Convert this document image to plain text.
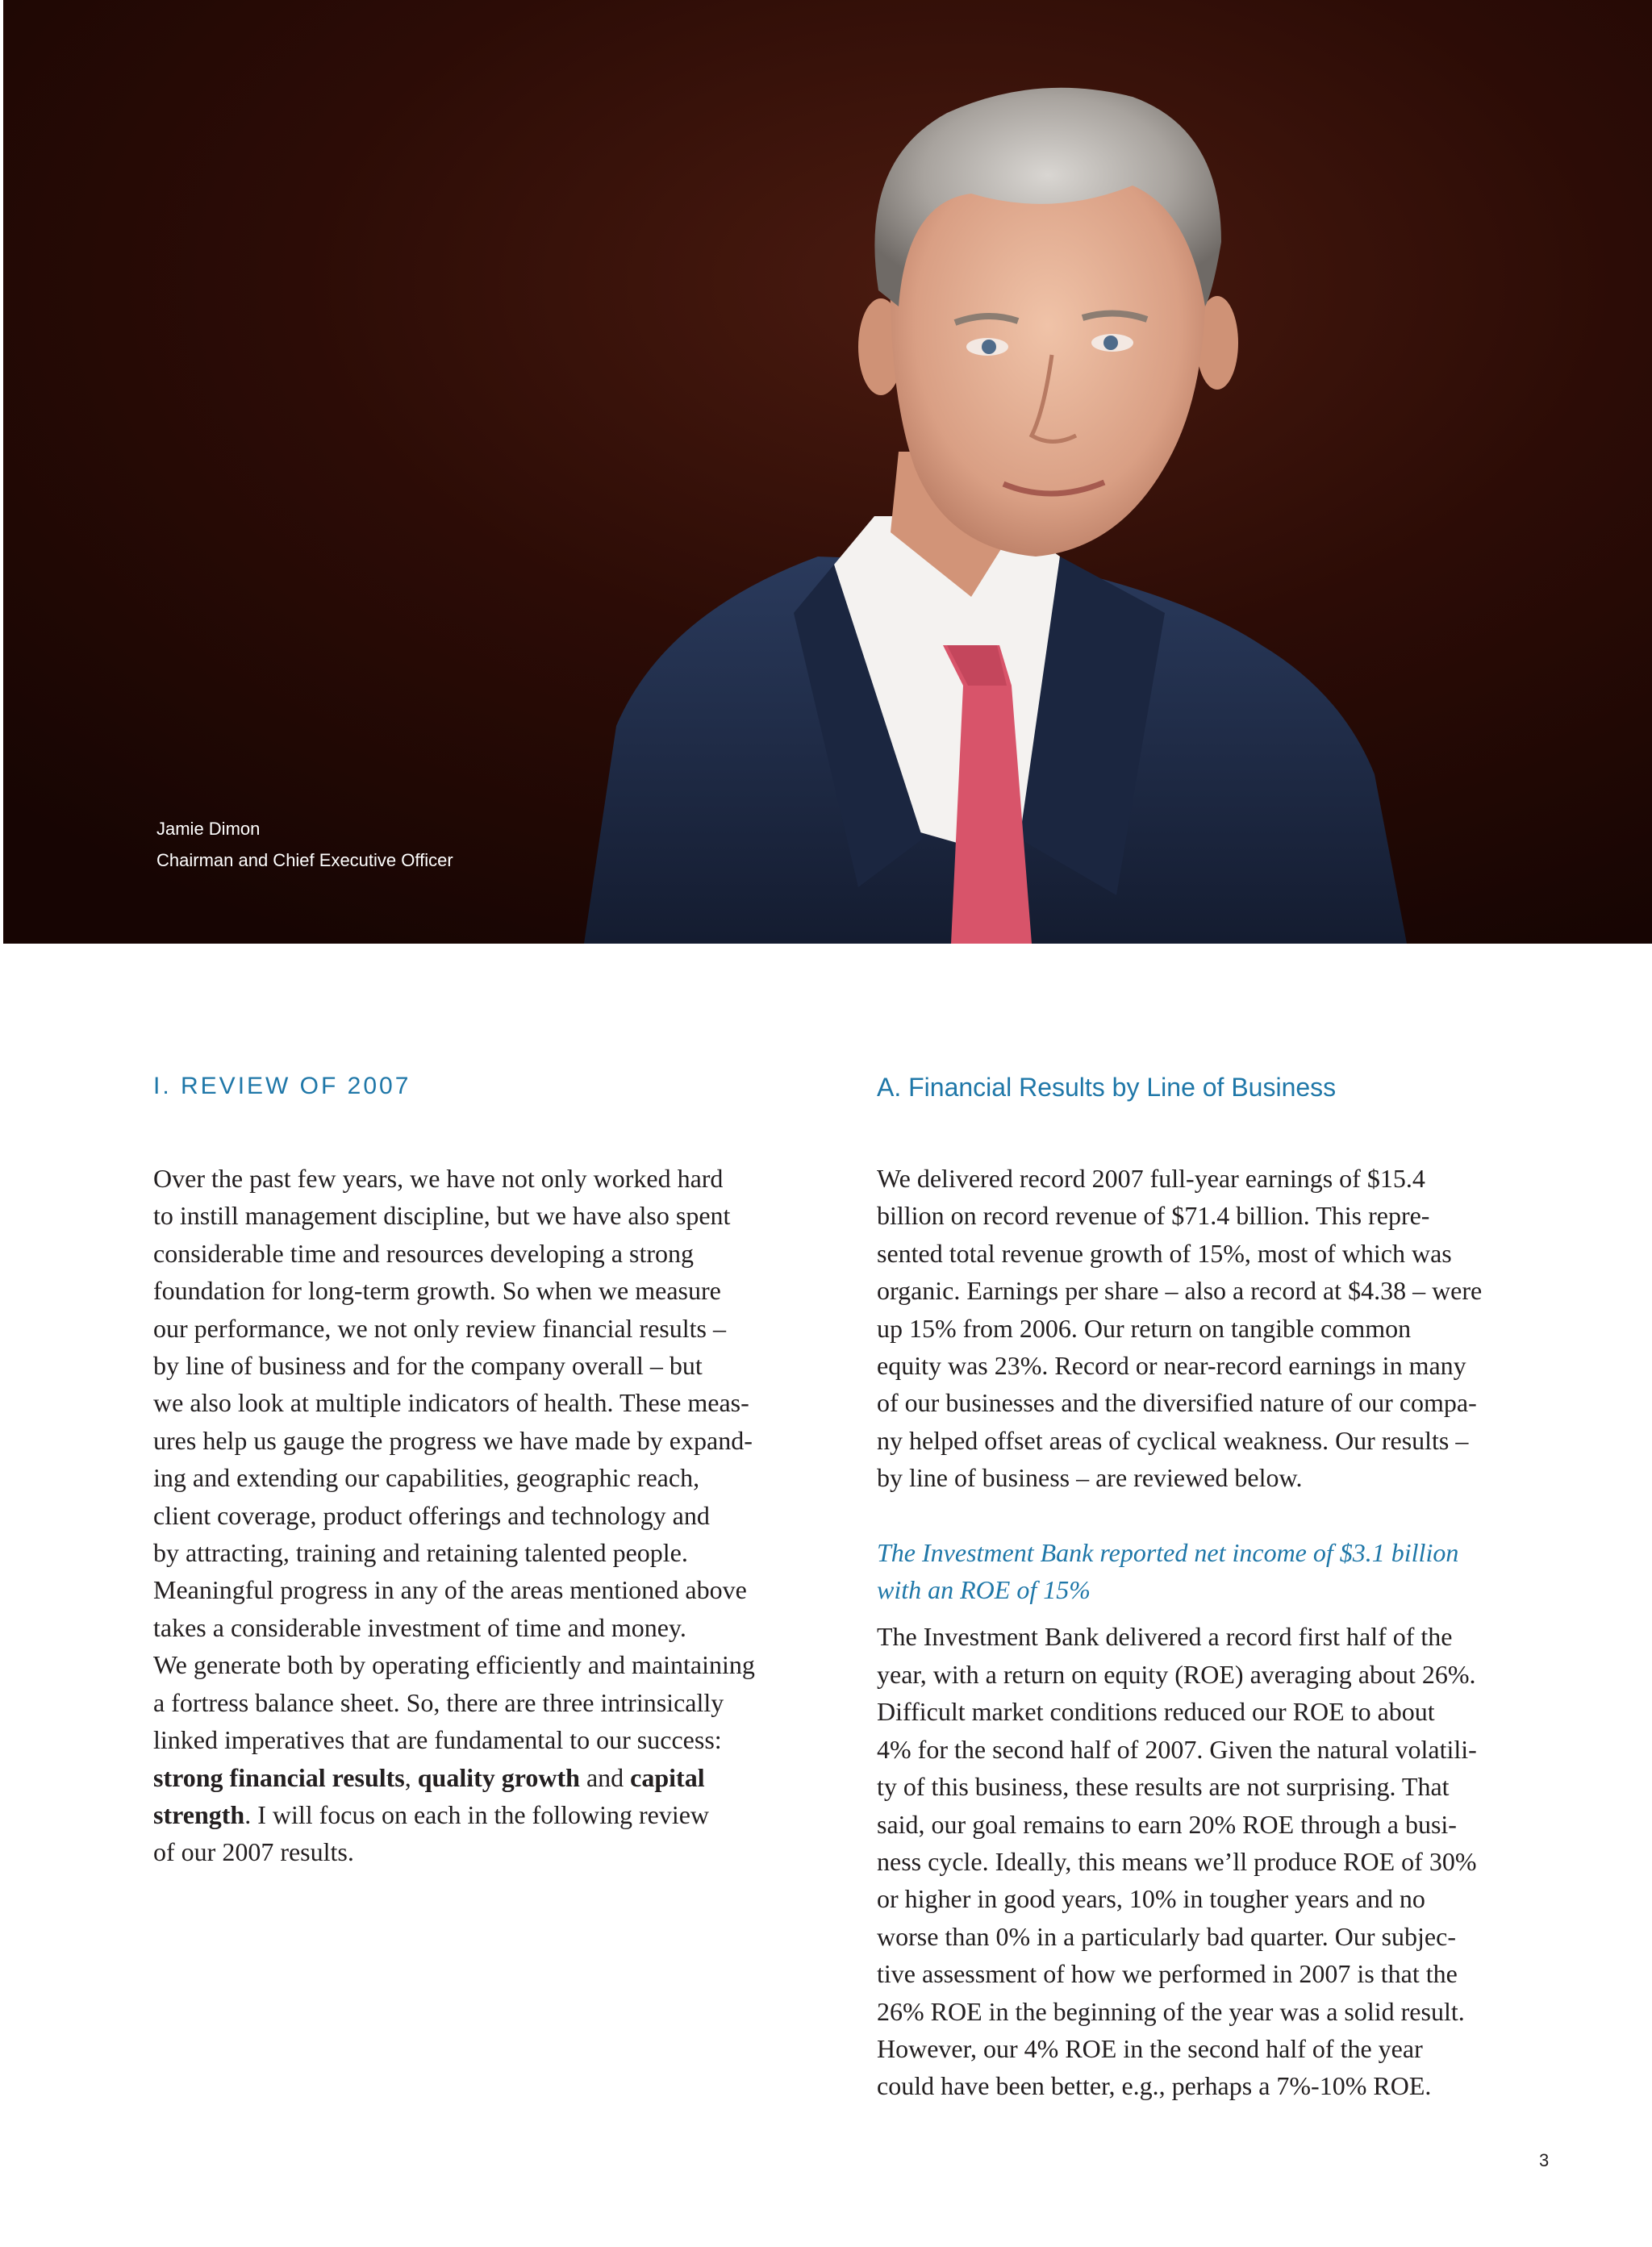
Jamie Dimon
Chairman and Chief Executive Officer
I. REVIEW OF 2007	A. Financial Results by Line of Business
Over the past few years, we have not only worked hard
to instill management discipline, but we have also spent
considerable time and resources developing a strong
foundation for long-term growth. So when we measure
our performance, we not only review financial results –
by line of business and for the company overall – but
we also look at multiple indicators of health. These meas-
ures help us gauge the progress we have made by expand-
ing and extending our capabilities, geographic reach,
client coverage, product offerings and technology and
by attracting, training and retaining talented people.
Meaningful progress in any of the areas mentioned above
takes a considerable investment of time and money.
We generate both by operating efficiently and maintaining
a fortress balance sheet. So, there are three intrinsically
linked imperatives that are fundamental to our success:
strong financial results, quality growth and capital
strength. I will focus on each in the following review
of our 2007 results.
We delivered record 2007 full-year earnings of $15.4
billion on record revenue of $71.4 billion. This repre-
sented total revenue growth of 15%, most of which was
organic. Earnings per share – also a record at $4.38 – were
up 15% from 2006. Our return on tangible common
equity was 23%. Record or near-record earnings in many
of our businesses and the diversified nature of our compa-
ny helped offset areas of cyclical weakness. Our results –
by line of business – are reviewed below.
The Investment Bank reported net income of $3.1 billion
with an ROE of 15%
The Investment Bank delivered a record first half of the
year, with a return on equity (ROE) averaging about 26%.
Difficult market conditions reduced our ROE to about
4% for the second half of 2007. Given the natural volatili-
ty of this business, these results are not surprising. That
said, our goal remains to earn 20% ROE through a busi-
ness cycle. Ideally, this means we’ll produce ROE of 30%
or higher in good years, 10% in tougher years and no
worse than 0% in a particularly bad quarter. Our subjec-
tive assessment of how we performed in 2007 is that the
26% ROE in the beginning of the year was a solid result.
However, our 4% ROE in the second half of the year
could have been better, e.g., perhaps a 7%-10% ROE.
3
